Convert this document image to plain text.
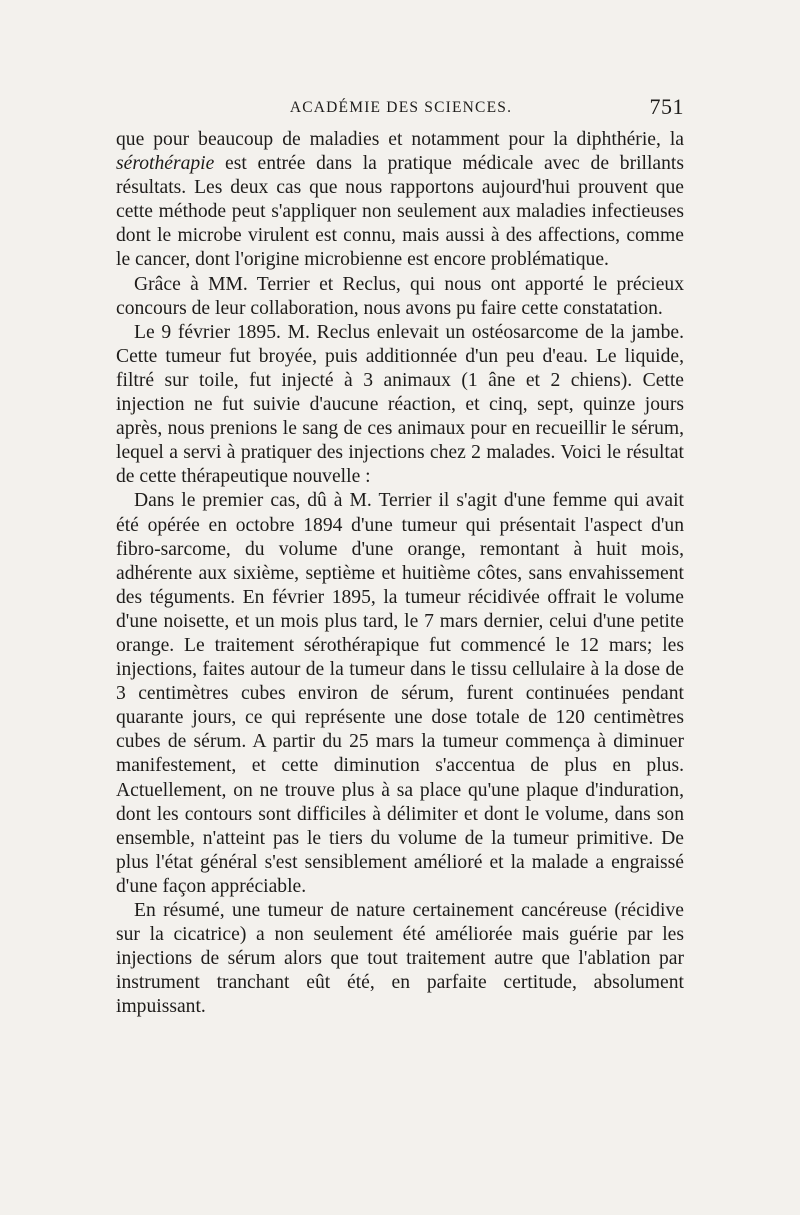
ACADÉMIE DES SCIENCES.	751

que pour beaucoup de maladies et notamment pour la diphthérie, la sérothérapie est entrée dans la pratique médicale avec de brillants résultats. Les deux cas que nous rapportons aujourd'hui prouvent que cette méthode peut s'appliquer non seulement aux maladies infectieuses dont le microbe virulent est connu, mais aussi à des affections, comme le cancer, dont l'origine microbienne est encore problématique.

Grâce à MM. Terrier et Reclus, qui nous ont apporté le précieux concours de leur collaboration, nous avons pu faire cette constatation.

Le 9 février 1895. M. Reclus enlevait un ostéosarcome de la jambe. Cette tumeur fut broyée, puis additionnée d'un peu d'eau. Le liquide, filtré sur toile, fut injecté à 3 animaux (1 âne et 2 chiens). Cette injection ne fut suivie d'aucune réaction, et cinq, sept, quinze jours après, nous prenions le sang de ces animaux pour en recueillir le sérum, lequel a servi à pratiquer des injections chez 2 malades. Voici le résultat de cette thérapeutique nouvelle :

Dans le premier cas, dû à M. Terrier il s'agit d'une femme qui avait été opérée en octobre 1894 d'une tumeur qui présentait l'aspect d'un fibro-sarcome, du volume d'une orange, remontant à huit mois, adhérente aux sixième, septième et huitième côtes, sans envahissement des téguments. En février 1895, la tumeur récidivée offrait le volume d'une noisette, et un mois plus tard, le 7 mars dernier, celui d'une petite orange. Le traitement sérothérapique fut commencé le 12 mars; les injections, faites autour de la tumeur dans le tissu cellulaire à la dose de 3 centimètres cubes environ de sérum, furent continuées pendant quarante jours, ce qui représente une dose totale de 120 centimètres cubes de sérum. A partir du 25 mars la tumeur commença à diminuer manifestement, et cette diminution s'accentua de plus en plus. Actuellement, on ne trouve plus à sa place qu'une plaque d'induration, dont les contours sont difficiles à délimiter et dont le volume, dans son ensemble, n'atteint pas le tiers du volume de la tumeur primitive. De plus l'état général s'est sensiblement amélioré et la malade a engraissé d'une façon appréciable.

En résumé, une tumeur de nature certainement cancéreuse (récidive sur la cicatrice) a non seulement été améliorée mais guérie par les injections de sérum alors que tout traitement autre que l'ablation par instrument tranchant eût été, en parfaite certitude, absolument impuissant.
